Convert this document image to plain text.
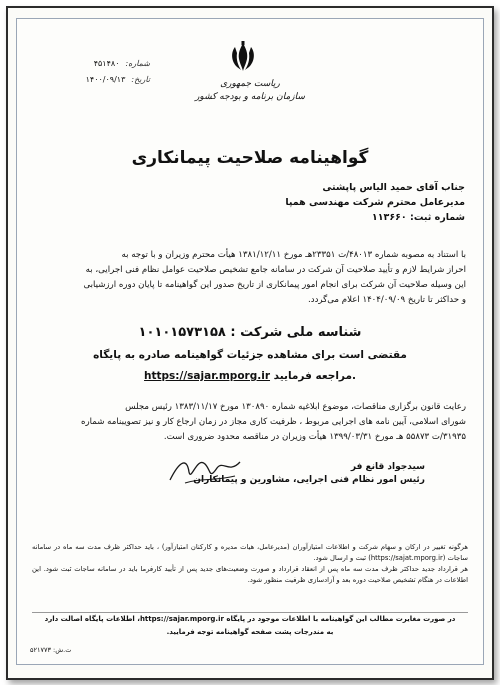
شماره:
۴۵۱۴۸۰
تاریخ:
۱۴۰۰/۰۹/۱۳	ریاست جمهوری
سازمان برنامه و بودجه کشور
گواهینامه صلاحیت پیمانکاری
جناب آقای حمید الیاس پاپشتی
مدیرعامل محترم شرکت مهندسی همپا
شماره ثبت: ۱۱۳۶۶۰
با استناد به مصوبه شماره ۴۸۰۱۳/ت ۲۳۳۵۱هـ مورخ ۱۳۸۱/۱۲/۱۱ هیأت محترم وزیران و با توجه به
احراز شرایط لازم و تأیید صلاحیت آن شرکت در سامانه جامع تشخیص صلاحیت عوامل نظام فنی اجرایی، به
این وسیله صلاحیت آن شرکت برای انجام امور پیمانکاری از تاریخ صدور این گواهینامه تا پایان دوره ارزشیابی
و حداکثر تا تاریخ ۱۴۰۴/۰۹/۰۹ اعلام می‌گردد.
شناسه ملی شرکت : ۱۰۱۰۱۵۷۳۱۵۸
مقتضی است برای مشاهده جزئیات گواهینامه صادره به پایگاه
https://sajar.mporg.ir مراجعه فرمایید.
رعایت قانون برگزاری مناقصات، موضوع ابلاغیه شماره ۱۳۰۸۹۰ مورخ ۱۳۸۳/۱۱/۱۷ رئیس مجلس
شورای اسلامی، آیین نامه های اجرایی مربوط ، ظرفیت کاری مجاز در زمان ارجاع کار و نیز تصویبنامه شماره
۳۱۹۳۵/ت ۵۵۸۷۳ هـ مورخ ۱۳۹۹/۰۳/۳۱ هیأت وزیران در مناقصه محدود ضروری است.
سیدجواد قانع فر
رئیس امور نظام فنی اجرایی، مشاورین و پیمانکاران

هرگونه تغییر در ارکان و سهام شرکت و اطلاعات امتیازآوران (مدیرعامل، هیات مدیره و کارکنان امتیازآور) ، باید حداکثر ظرف مدت سه ماه در سامانه ساجات (https://sajat.mporg.ir) ثبت و ارسال شود.

هر قرارداد جدید حداکثر ظرف مدت سه ماه پس از انعقاد قرارداد و صورت وضعیت‌های جدید پس از تأیید کارفرما باید در سامانه ساجات ثبت شود. این اطلاعات در هنگام تشخیص صلاحیت دوره بعد و آزادسازی ظرفیت منظور شود.

در صورت مغایرت مطالب این گواهینامه با اطلاعات موجود در پایگاه https://sajar.mporg.ir، اطلاعات پایگاه اصالت دارد
به مندرجات پشت صفحه گواهینامه توجه فرمایید.
ت.ش: ۵۲۱۷۷۳
